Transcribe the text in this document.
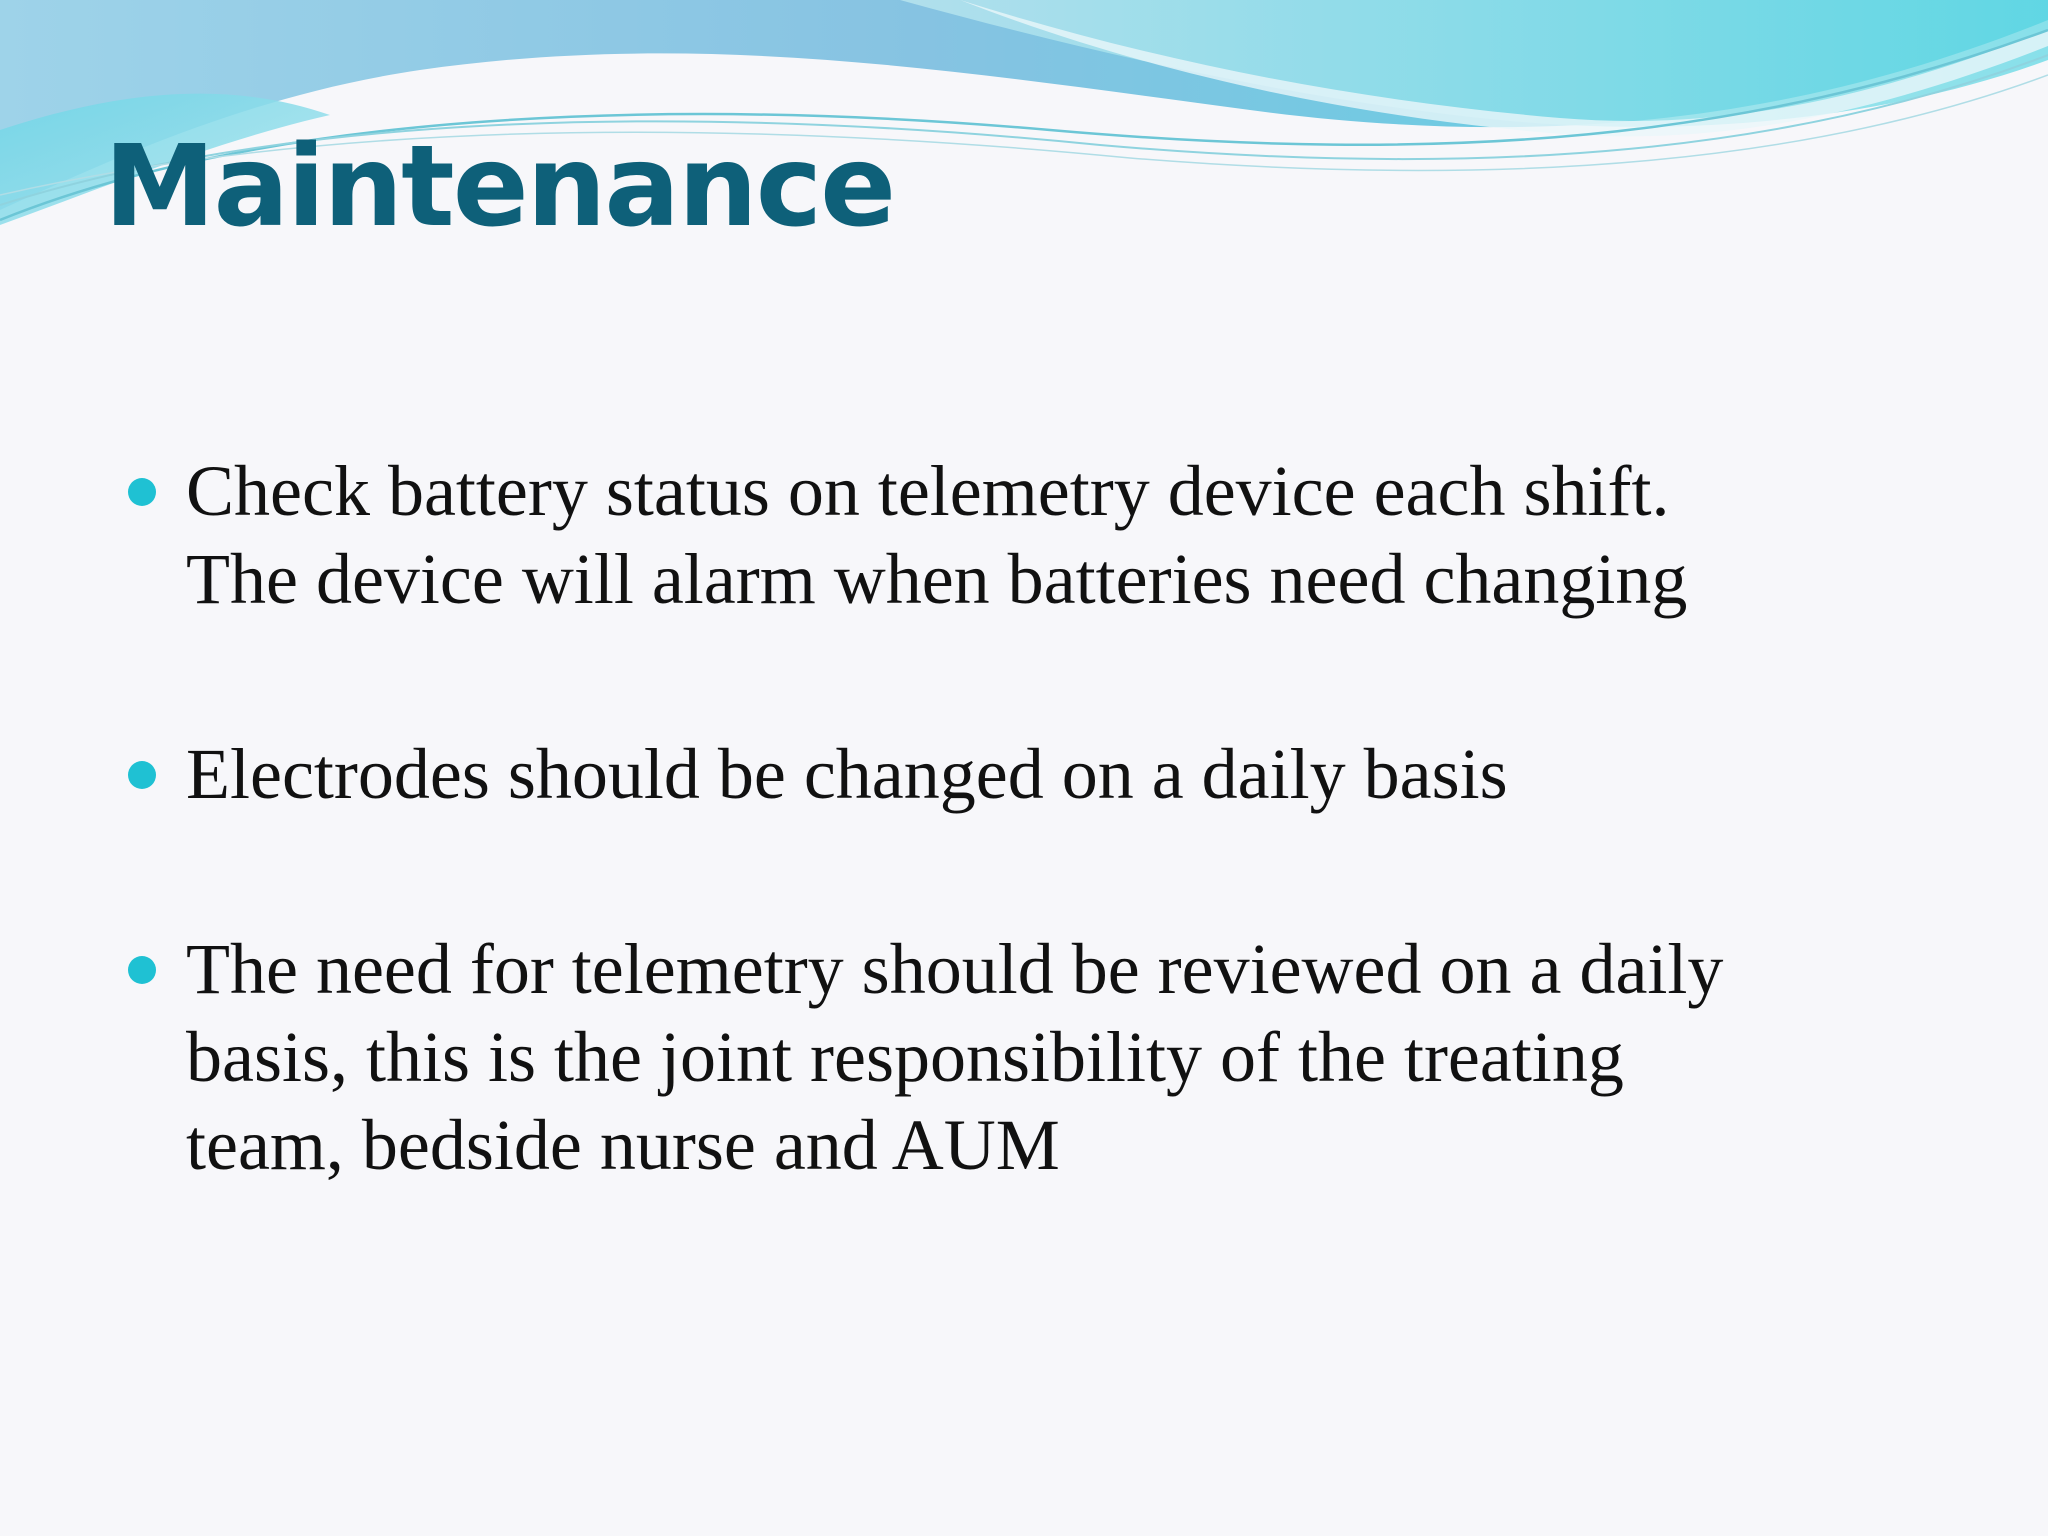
Maintenance
Check battery status on telemetry device each shift.
The device will alarm when batteries need changing
Electrodes should be changed on a daily basis
The need for telemetry should be reviewed on a daily
basis, this is the joint responsibility of the treating
team, bedside nurse and AUM
